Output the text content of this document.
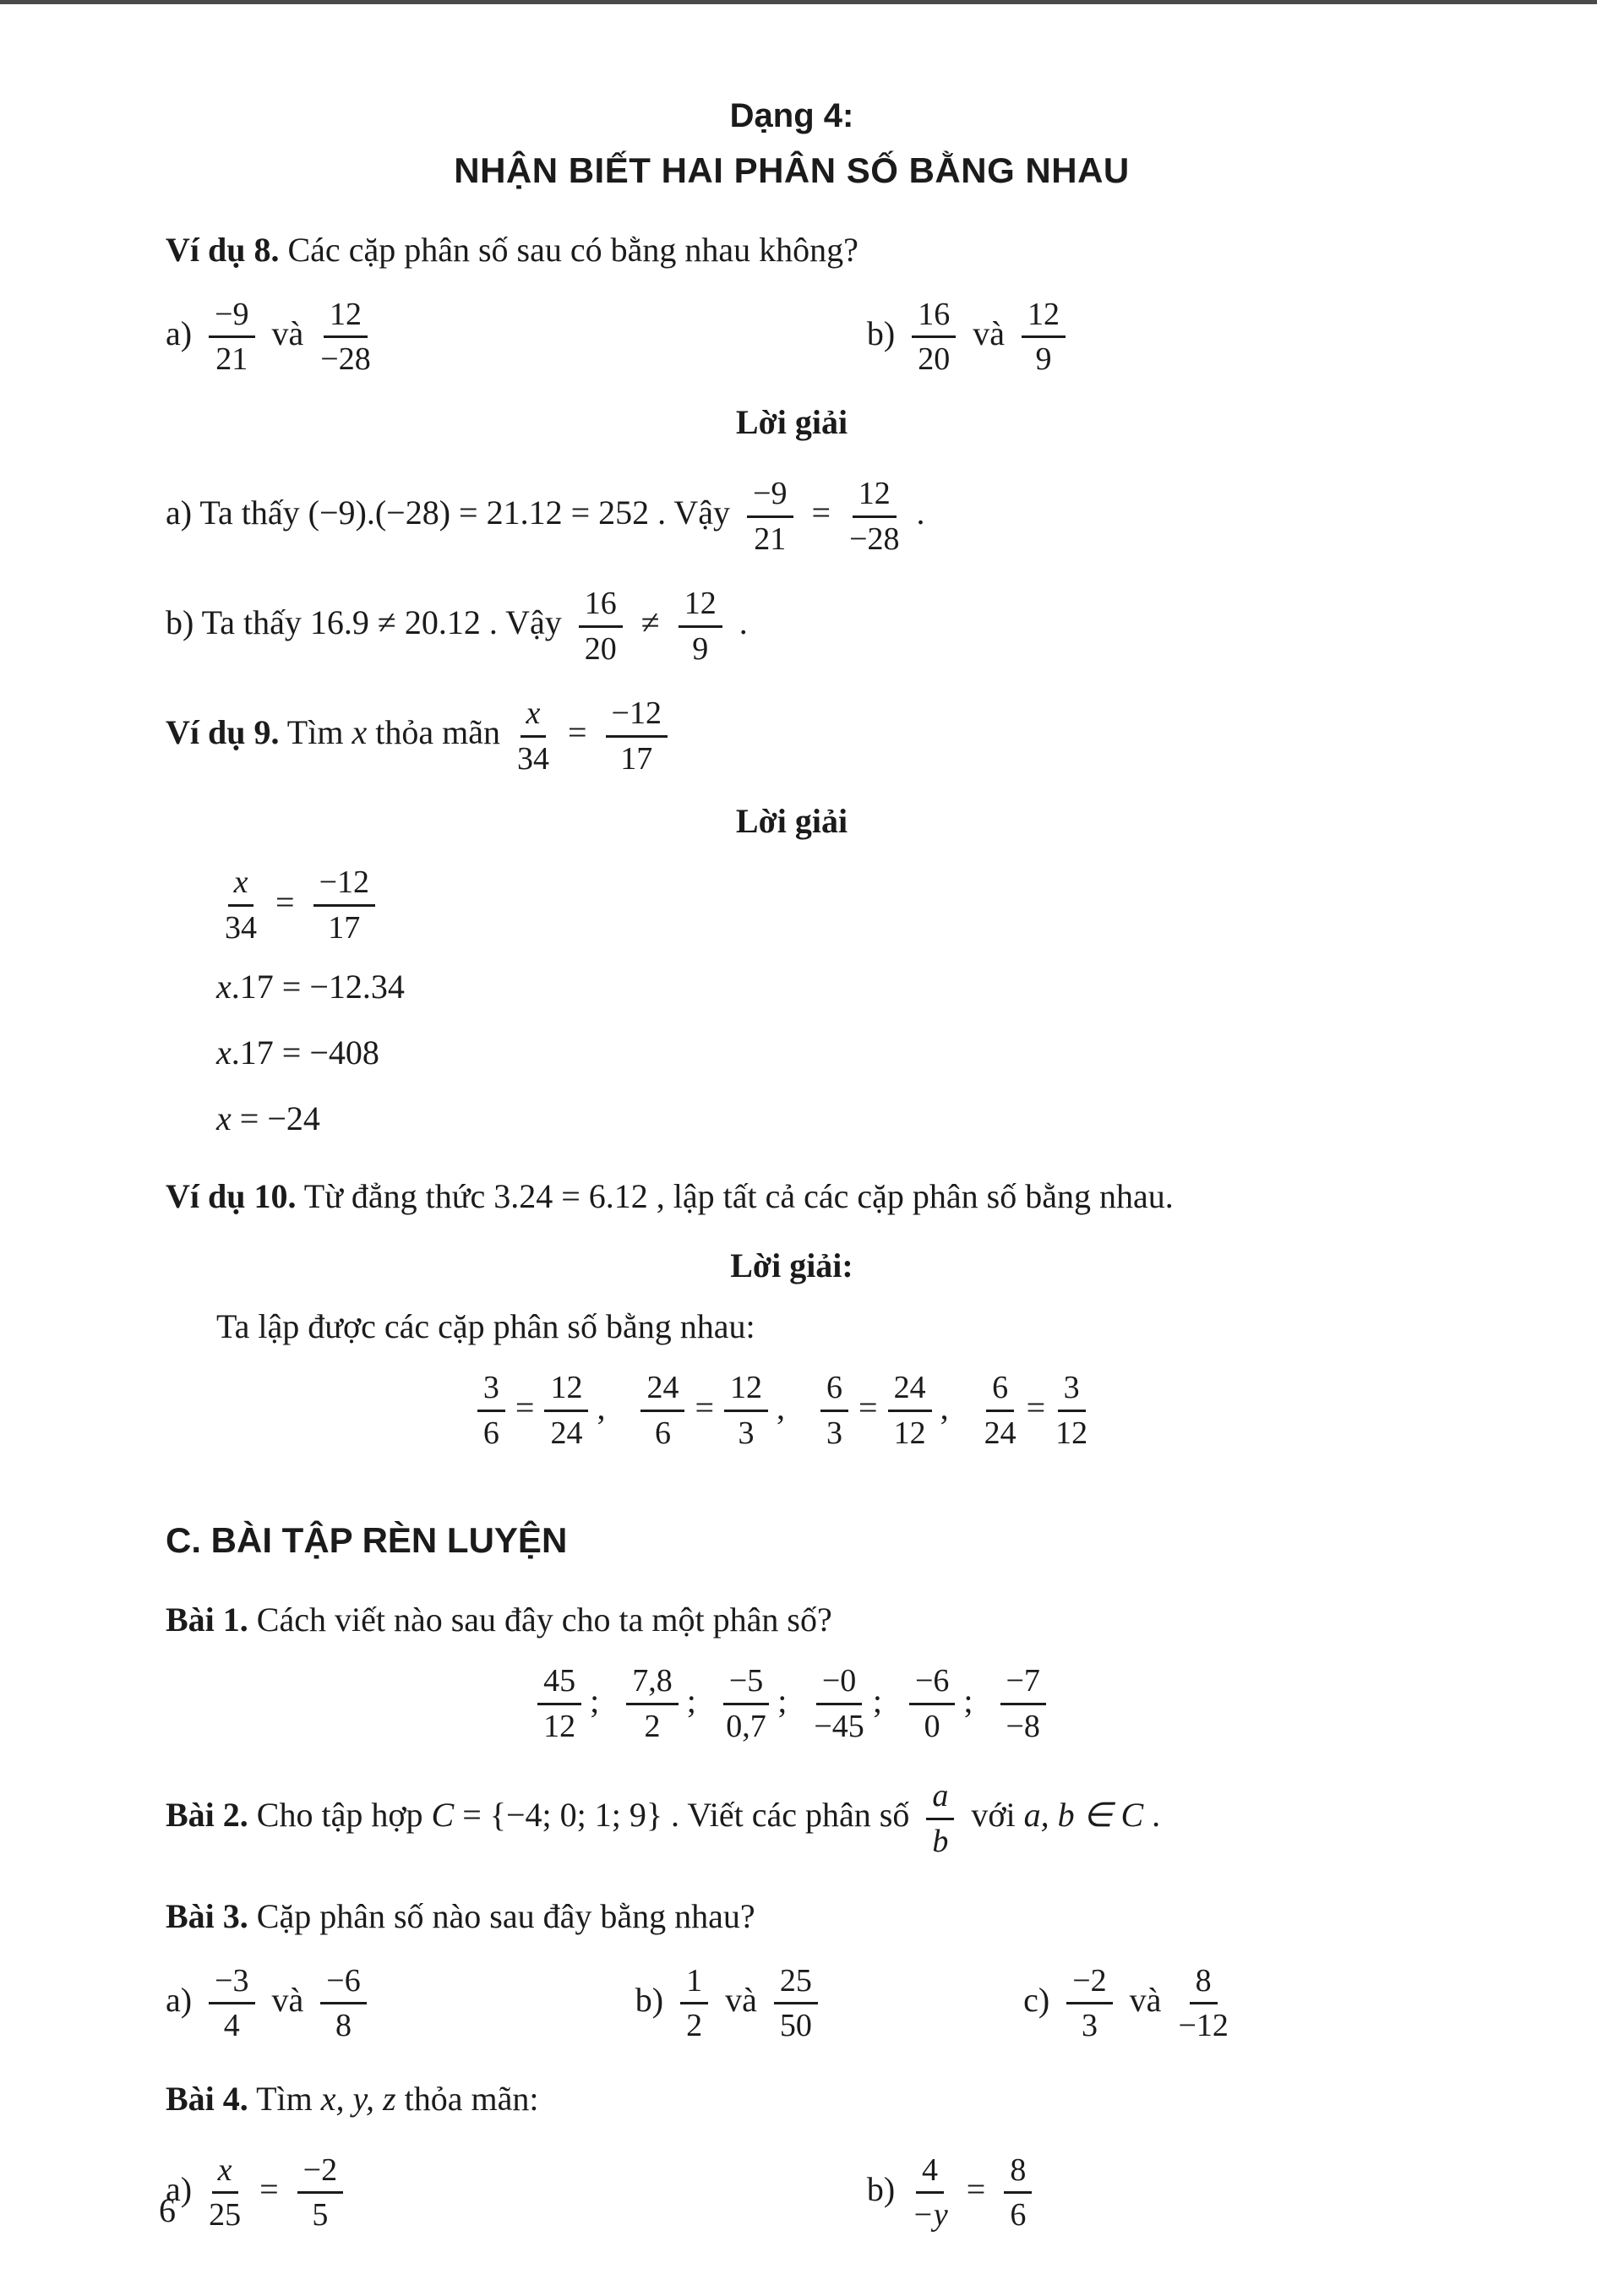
Dạng 4:
NHẬN BIẾT HAI PHÂN SỐ BẰNG NHAU

Ví dụ 8. Các cặp phân số sau có bằng nhau không?

$a) \frac{-9}{21}$ và $\frac{12}{-28}$	$b) \frac{16}{20}$ và $\frac{12}{9}$
Lời giải

a) Ta thấy (−9).(−28) = 21.12 = 252 . Vậy $\frac{-9}{21} = \frac{12}{-28}$ .

b) Ta thấy 16.9 ≠ 20.12 . Vậy $\frac{16}{20} \ne \frac{12}{9}$ .

Ví dụ 9. Tìm x thỏa mãn $\frac{x}{34} = \frac{-12}{17}$

Lời giải
$\frac{x}{34} = \frac{-12}{17}$
x.17 = −12.34
x.17 = −408
x = −24

Ví dụ 10. Từ đẳng thức 3.24 = 6.12 , lập tất cả các cặp phân số bằng nhau.

Lời giải:

Ta lập được các cặp phân số bằng nhau:

$\frac{3}{6} = \frac{12}{24}$ , $\frac{24}{6} = \frac{12}{3}$ , $\frac{6}{3} = \frac{24}{12}$ , $\frac{6}{24} = \frac{3}{12}$
C. BÀI TẬP RÈN LUYỆN

Bài 1. Cách viết nào sau đây cho ta một phân số?

$\frac{45}{12}$ ; $\frac{7,8}{2}$ ; $\frac{-5}{0,7}$ ; $\frac{-0}{-45}$ ; $\frac{-6}{0}$ ; $\frac{-7}{-8}$

Bài 2. Cho tập hợp C = {−4; 0; 1; 9} . Viết các phân số $\frac{a}{b}$ với a, b ∈ C .

Bài 3. Cặp phân số nào sau đây bằng nhau?

$a) \frac{-3}{4}$ và $\frac{-6}{8}$	$b) \frac{1}{2}$ và $\frac{25}{50}$	$c) \frac{-2}{3}$ và $\frac{8}{-12}$

Bài 4. Tìm x, y, z thỏa mãn:

$a) \frac{x}{25} = \frac{-2}{5}$	$b) \frac{4}{-y} = \frac{8}{6}$
6
